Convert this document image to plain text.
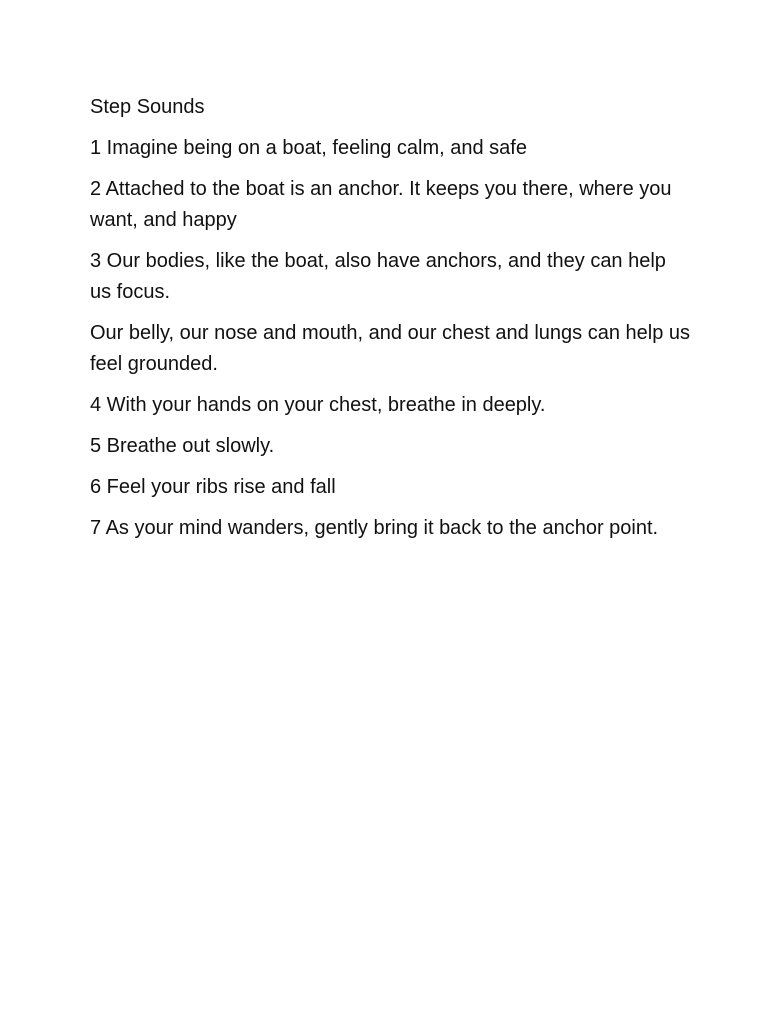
Step Sounds

1 Imagine being on a boat, feeling calm, and safe

2 Attached to the boat is an anchor. It keeps you there, where you want, and happy

3 Our bodies, like the boat, also have anchors, and they can help us focus.

Our belly, our nose and mouth, and our chest and lungs can help us feel grounded.

4 With your hands on your chest, breathe in deeply.

5 Breathe out slowly.

6 Feel your ribs rise and fall

7 As your mind wanders, gently bring it back to the anchor point.
